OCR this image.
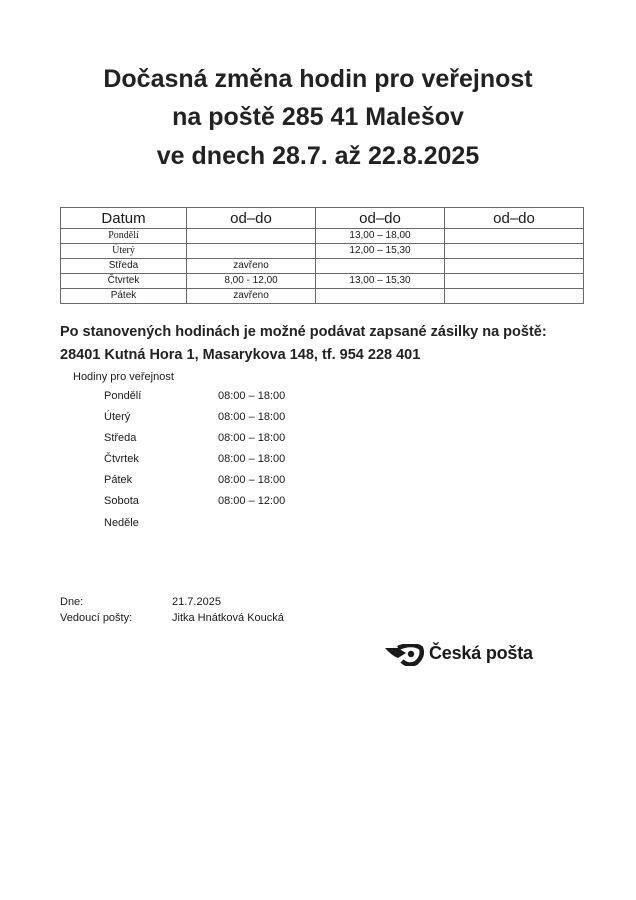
Dočasná změna hodin pro veřejnost
na poště 285 41 Malešov
ve dnech 28.7. až 22.8.2025
Datum	od–do	od–do	od–do
Pondělí		13,00 – 18,00	
Úterý		12,00 – 15,30	
Středa	zavřeno		
Čtvrtek	8,00 - 12,00	13,00 – 15,30	
Pátek	zavřeno		
Po stanovených hodinách je možné podávat zapsané zásilky na poště:
28401 Kutná Hora 1, Masarykova 148, tf. 954 228 401
Hodiny pro veřejnost
Pondělí	08:00 – 18:00
Úterý	08:00 – 18:00
Středa	08:00 – 18:00
Čtvrtek	08:00 – 18:00
Pátek	08:00 – 18:00
Sobota	08:00 – 12:00
Neděle
Dne:	21.7.2025
Vedoucí pošty:	Jitka Hnátková Koucká
Česká pošta
